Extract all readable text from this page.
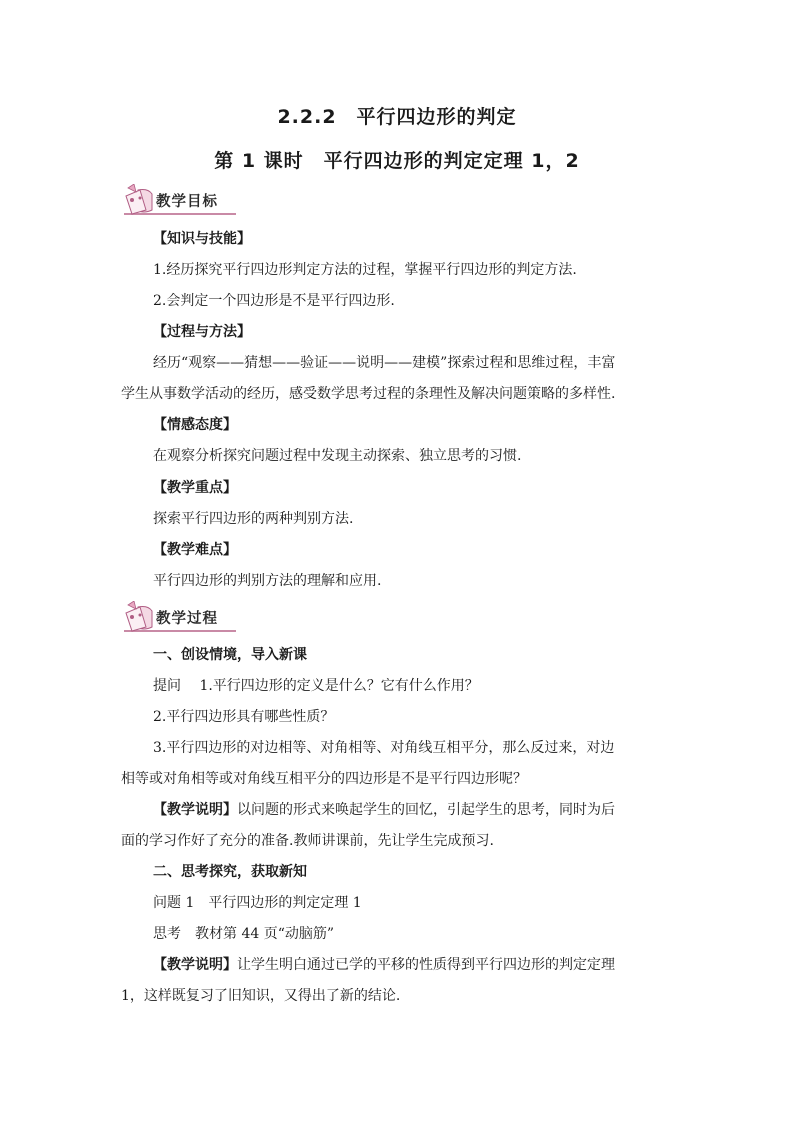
2.2.2　平行四边形的判定
第 1 课时　平行四边形的判定定理 1，2
教学目标
【知识与技能】
1.经历探究平行四边形判定方法的过程，掌握平行四边形的判定方法.
2.会判定一个四边形是不是平行四边形.
【过程与方法】
经历“观察——猜想——验证——说明——建模”探索过程和思维过程，丰富
学生从事数学活动的经历，感受数学思考过程的条理性及解决问题策略的多样性.
【情感态度】
在观察分析探究问题过程中发现主动探索、独立思考的习惯.
【教学重点】
探索平行四边形的两种判别方法.
【教学难点】
平行四边形的判别方法的理解和应用.
教学过程
一、创设情境，导入新课
提问　 1.平行四边形的定义是什么？它有什么作用？
2.平行四边形具有哪些性质？
3.平行四边形的对边相等、对角相等、对角线互相平分，那么反过来，对边
相等或对角相等或对角线互相平分的四边形是不是平行四边形呢？
【教学说明】以问题的形式来唤起学生的回忆，引起学生的思考，同时为后
面的学习作好了充分的准备.教师讲课前，先让学生完成预习.
二、思考探究，获取新知
问题 1　平行四边形的判定定理 1
思考　教材第 44 页“动脑筋”
【教学说明】让学生明白通过已学的平移的性质得到平行四边形的判定定理
1，这样既复习了旧知识，又得出了新的结论.
